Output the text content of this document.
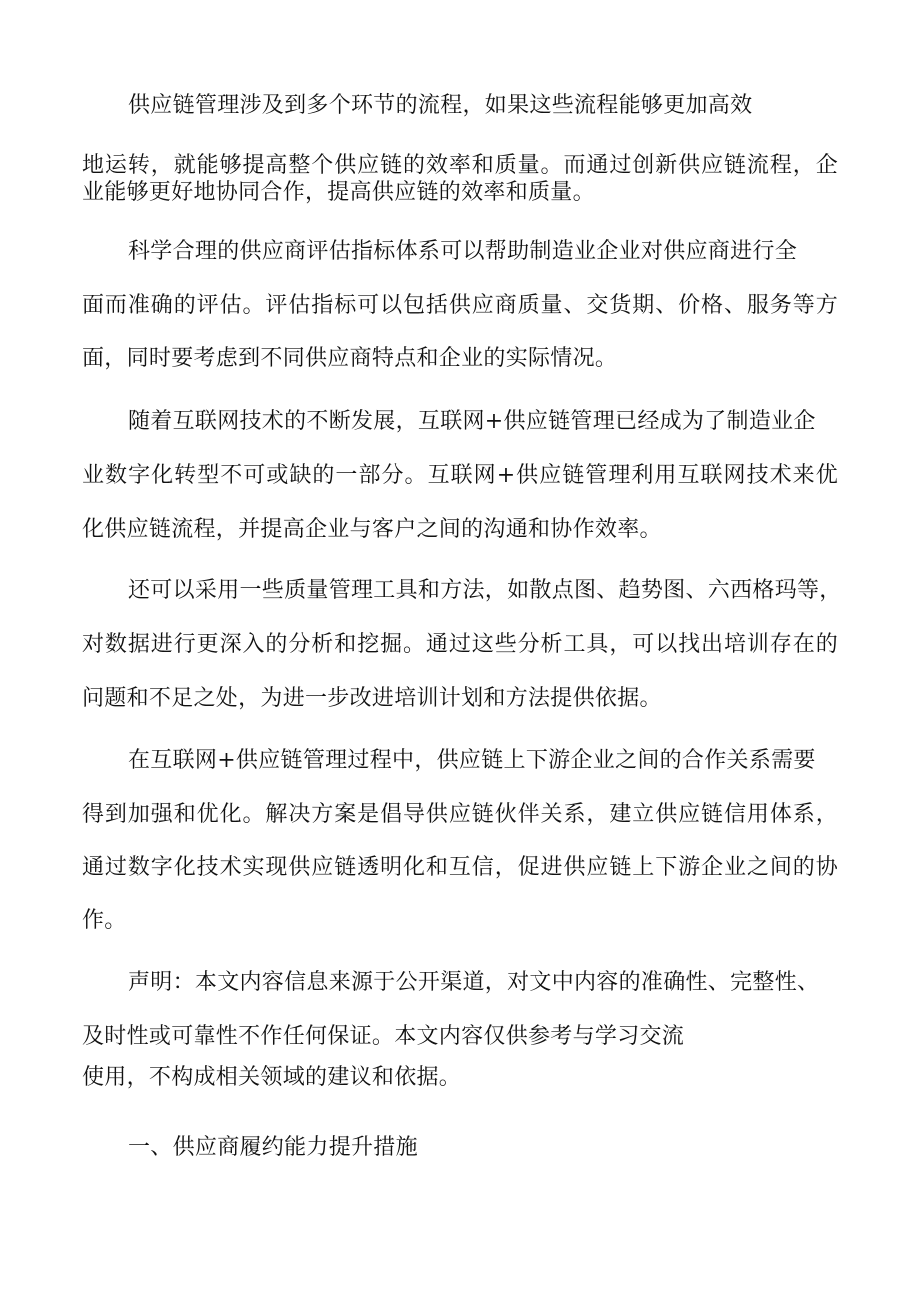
供应链管理涉及到多个环节的流程，如果这些流程能够更加高效

地运转，就能够提高整个供应链的效率和质量。而通过创新供应链流程，企

业能够更好地协同合作，提高供应链的效率和质量。

科学合理的供应商评估指标体系可以帮助制造业企业对供应商进行全

面而准确的评估。评估指标可以包括供应商质量、交货期、价格、服务等方

面，同时要考虑到不同供应商特点和企业的实际情况。

随着互联网技术的不断发展，互联网+供应链管理已经成为了制造业企

业数字化转型不可或缺的一部分。互联网+供应链管理利用互联网技术来优

化供应链流程，并提高企业与客户之间的沟通和协作效率。

还可以采用一些质量管理工具和方法，如散点图、趋势图、六西格玛等，

对数据进行更深入的分析和挖掘。通过这些分析工具，可以找出培训存在的

问题和不足之处，为进一步改进培训计划和方法提供依据。

在互联网+供应链管理过程中，供应链上下游企业之间的合作关系需要

得到加强和优化。解决方案是倡导供应链伙伴关系，建立供应链信用体系，

通过数字化技术实现供应链透明化和互信，促进供应链上下游企业之间的协

作。

声明：本文内容信息来源于公开渠道，对文中内容的准确性、完整性、

及时性或可靠性不作任何保证。本文内容仅供参考与学习交流

使用，不构成相关领域的建议和依据。

一、供应商履约能力提升措施
